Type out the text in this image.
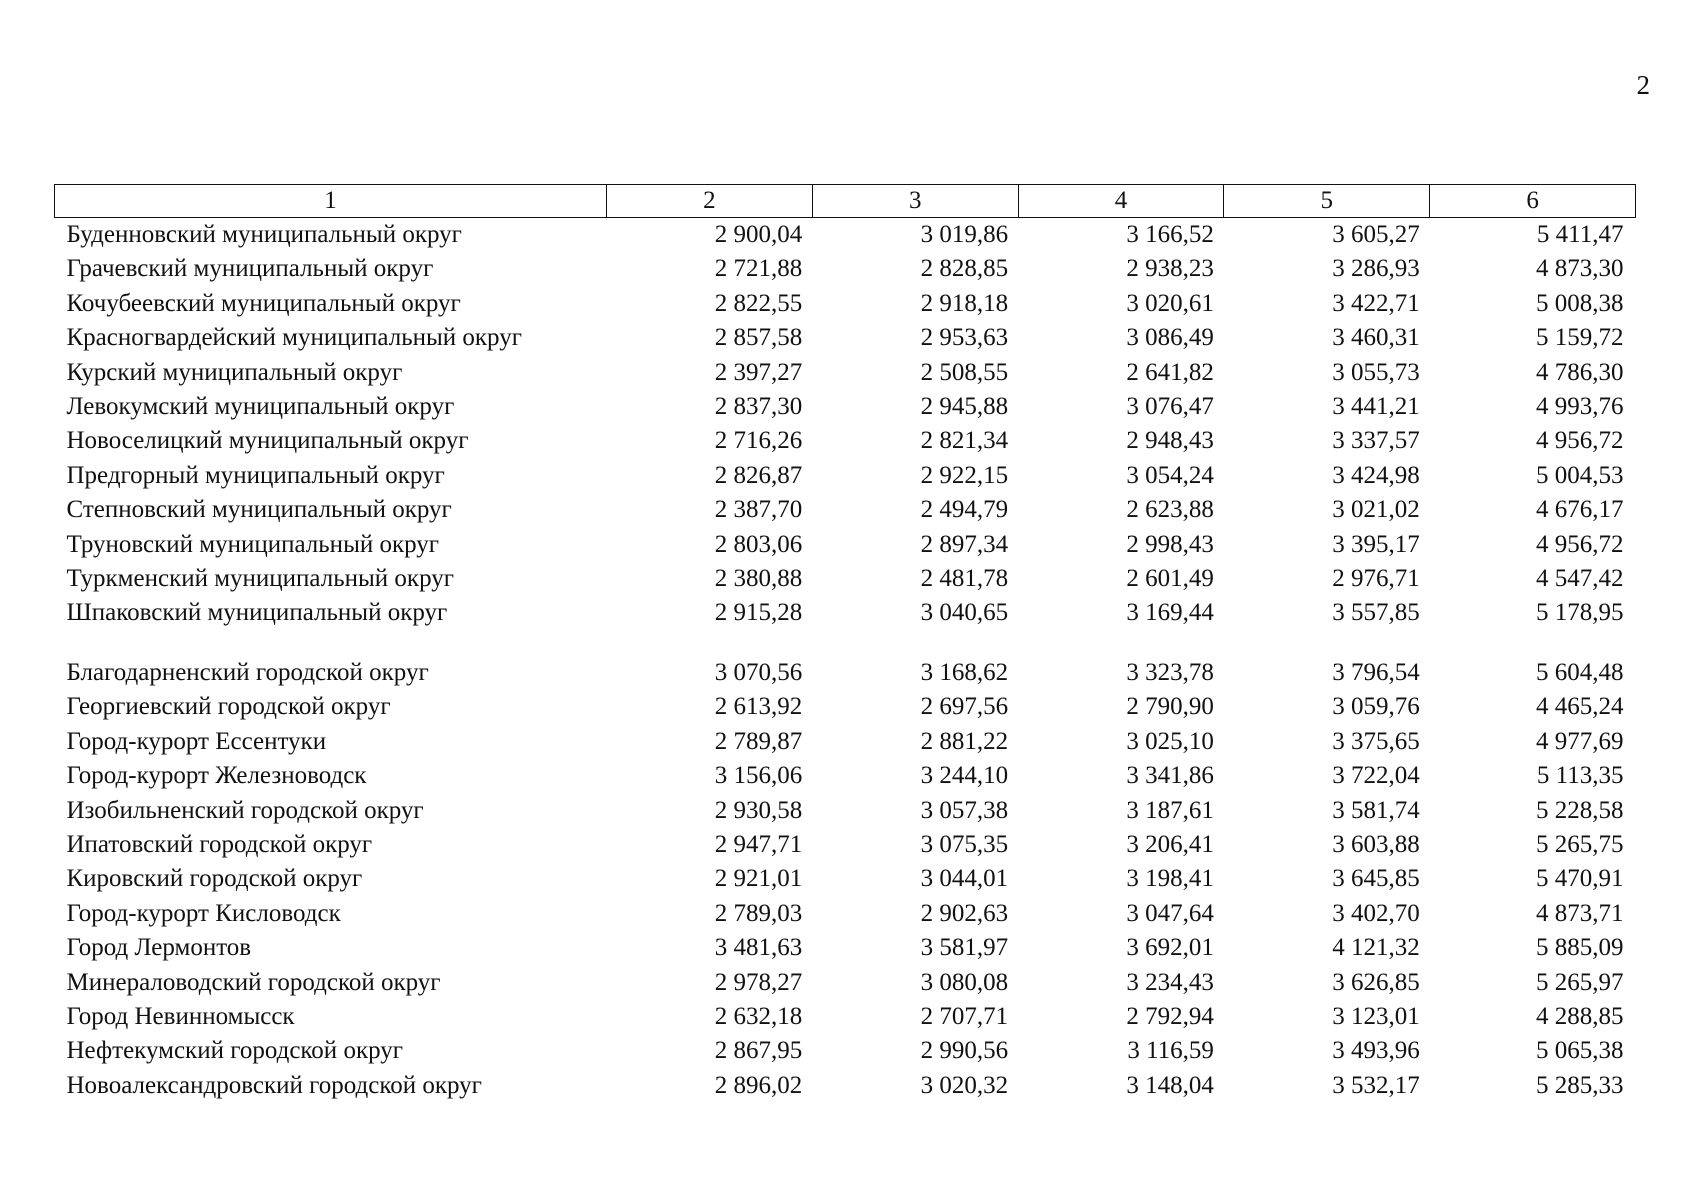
2
1	2	3	4	5	6
Буденновский муниципальный округ	2 900,04	3 019,86	3 166,52	3 605,27	5 411,47
Грачевский муниципальный округ	2 721,88	2 828,85	2 938,23	3 286,93	4 873,30
Кочубеевский муниципальный округ	2 822,55	2 918,18	3 020,61	3 422,71	5 008,38
Красногвардейский муниципальный округ	2 857,58	2 953,63	3 086,49	3 460,31	5 159,72
Курский муниципальный округ	2 397,27	2 508,55	2 641,82	3 055,73	4 786,30
Левокумский муниципальный округ	2 837,30	2 945,88	3 076,47	3 441,21	4 993,76
Новоселицкий муниципальный округ	2 716,26	2 821,34	2 948,43	3 337,57	4 956,72
Предгорный муниципальный округ	2 826,87	2 922,15	3 054,24	3 424,98	5 004,53
Степновский муниципальный округ	2 387,70	2 494,79	2 623,88	3 021,02	4 676,17
Труновский муниципальный округ	2 803,06	2 897,34	2 998,43	3 395,17	4 956,72
Туркменский муниципальный округ	2 380,88	2 481,78	2 601,49	2 976,71	4 547,42
Шпаковский муниципальный округ	2 915,28	3 040,65	3 169,44	3 557,85	5 178,95

Благодарненский городской округ	3 070,56	3 168,62	3 323,78	3 796,54	5 604,48
Георгиевский городской округ	2 613,92	2 697,56	2 790,90	3 059,76	4 465,24
Город-курорт Ессентуки	2 789,87	2 881,22	3 025,10	3 375,65	4 977,69
Город-курорт Железноводск	3 156,06	3 244,10	3 341,86	3 722,04	5 113,35
Изобильненский городской округ	2 930,58	3 057,38	3 187,61	3 581,74	5 228,58
Ипатовский городской округ	2 947,71	3 075,35	3 206,41	3 603,88	5 265,75
Кировский городской округ	2 921,01	3 044,01	3 198,41	3 645,85	5 470,91
Город-курорт Кисловодск	2 789,03	2 902,63	3 047,64	3 402,70	4 873,71
Город Лермонтов	3 481,63	3 581,97	3 692,01	4 121,32	5 885,09
Минераловодский городской округ	2 978,27	3 080,08	3 234,43	3 626,85	5 265,97
Город Невинномысск	2 632,18	2 707,71	2 792,94	3 123,01	4 288,85
Нефтекумский городской округ	2 867,95	2 990,56	3 116,59	3 493,96	5 065,38
Новоалександровский городской округ	2 896,02	3 020,32	3 148,04	3 532,17	5 285,33
